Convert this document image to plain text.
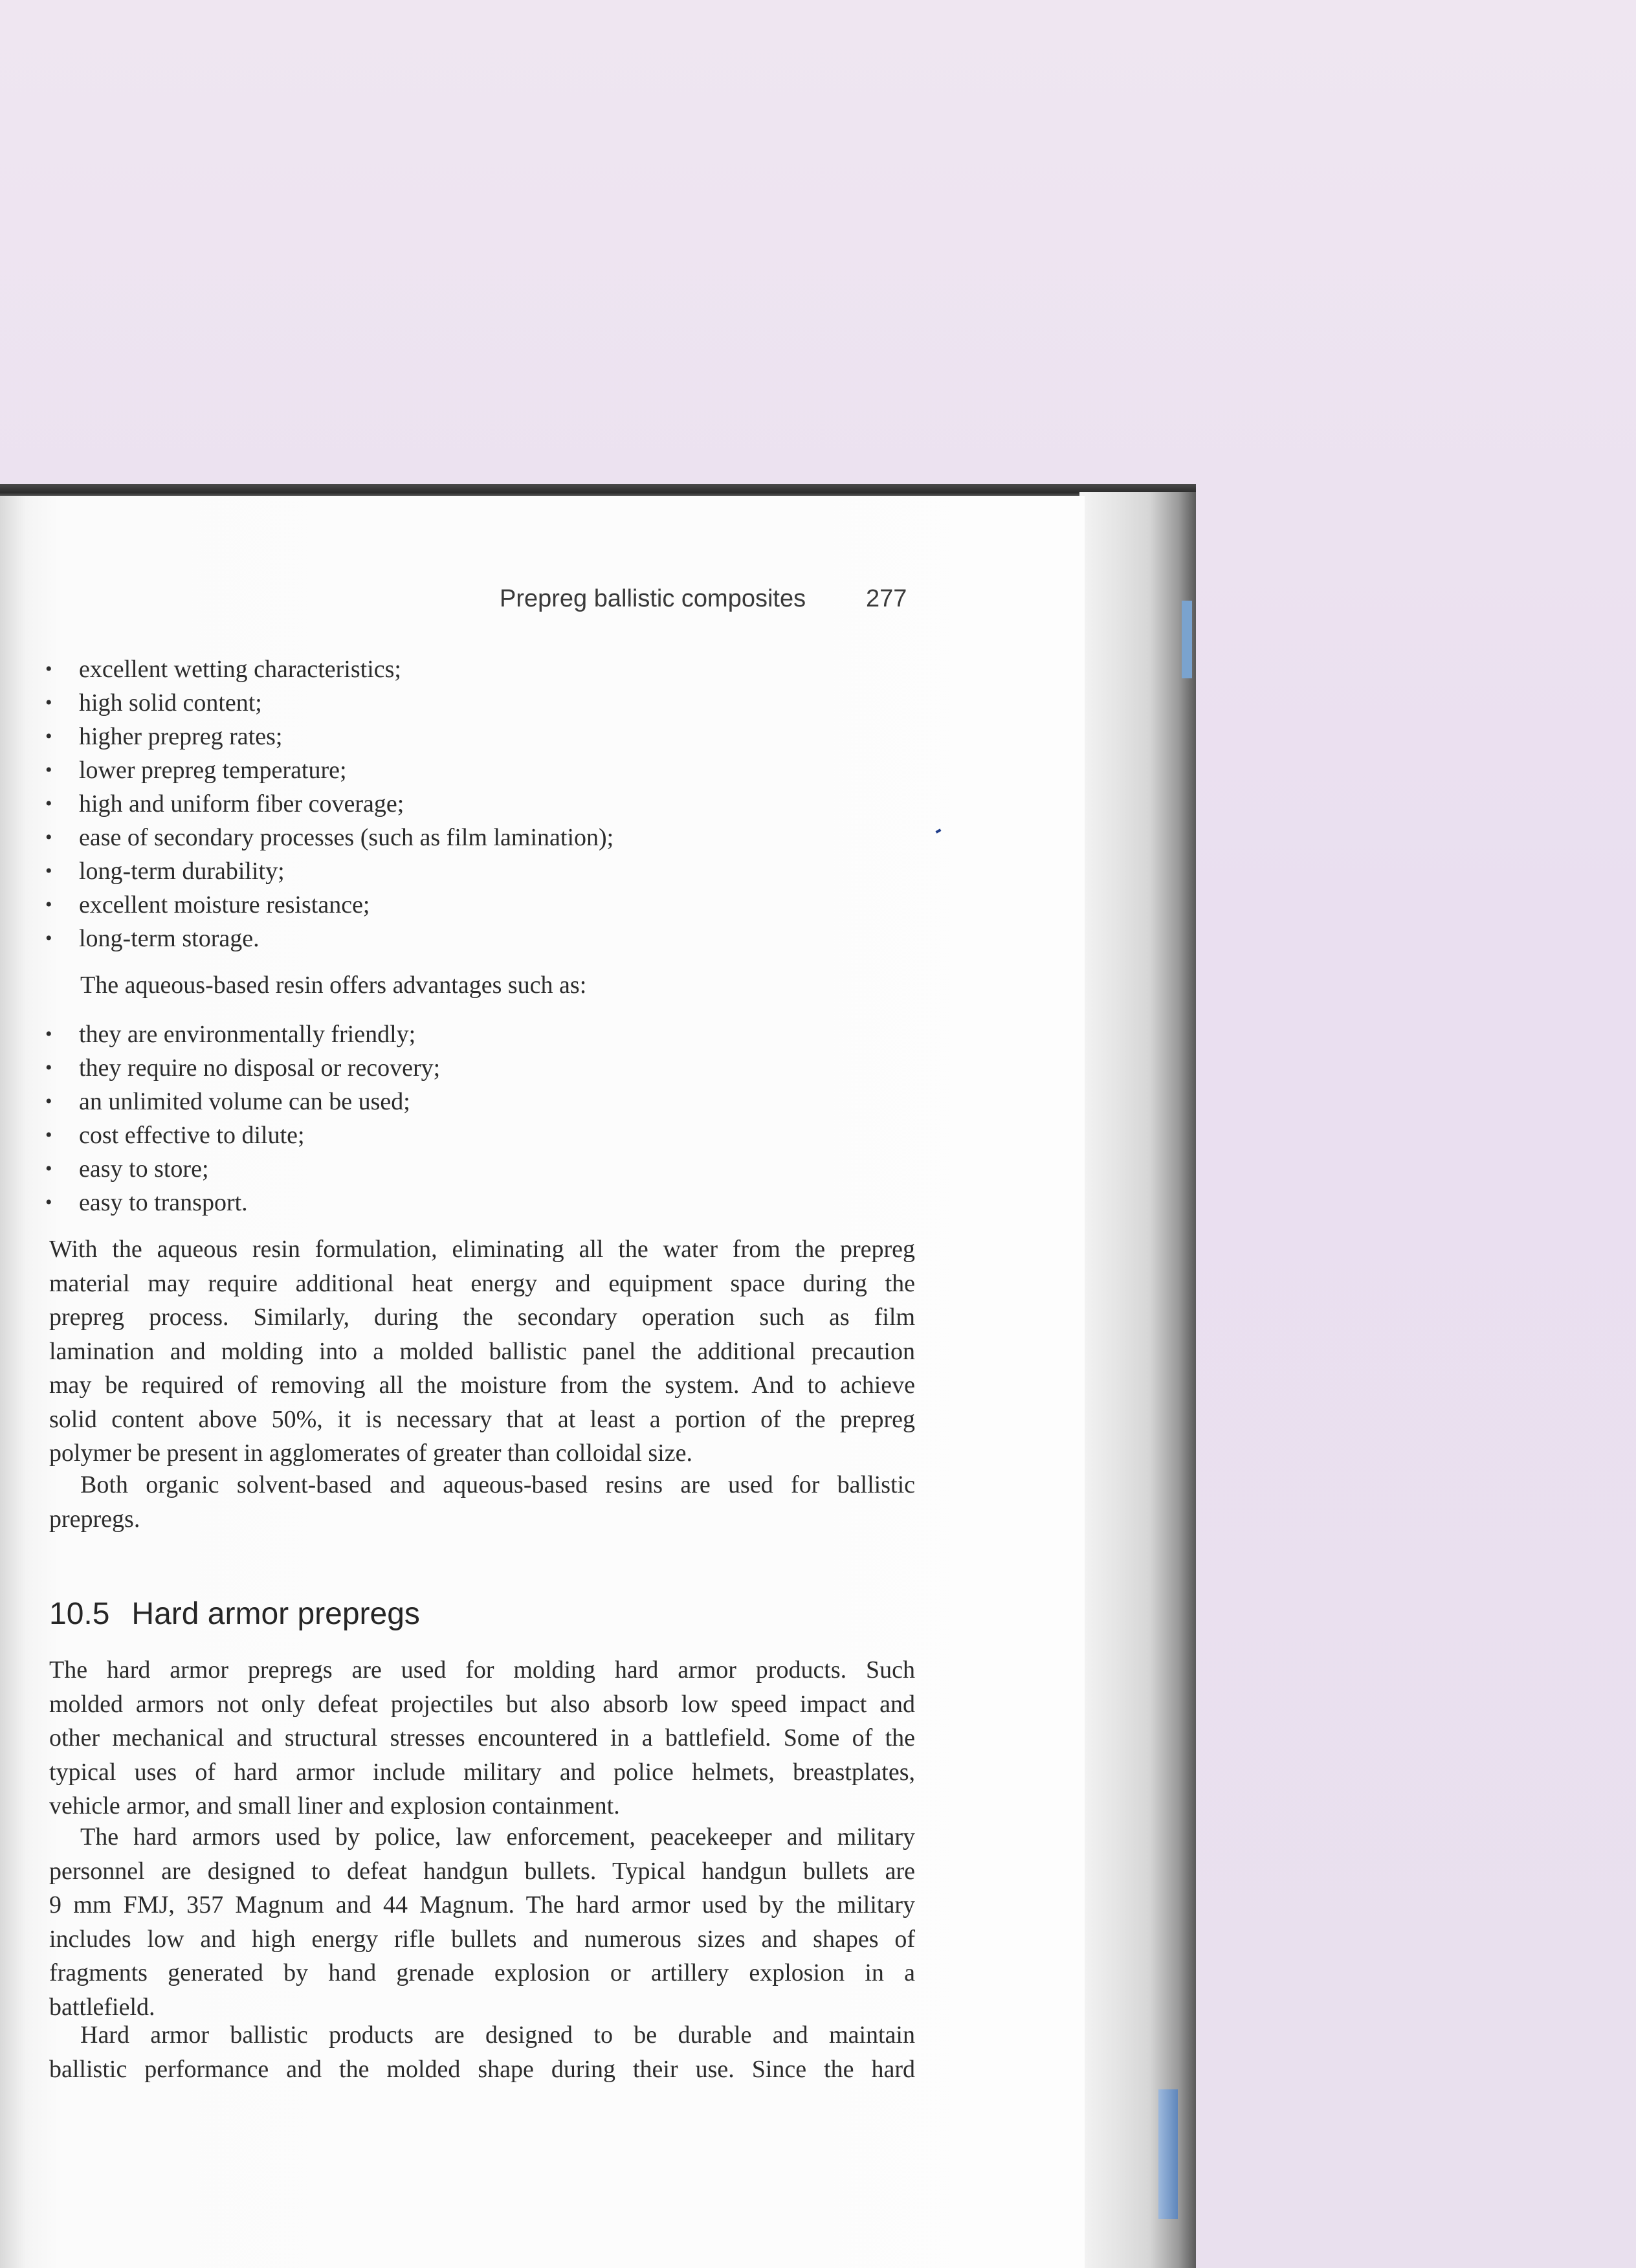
Prepreg ballistic composites 277
• excellent wetting characteristics;
• high solid content;
• higher prepreg rates;
• lower prepreg temperature;
• high and uniform fiber coverage;
• ease of secondary processes (such as film lamination);
• long-term durability;
• excellent moisture resistance;
• long-term storage.
The aqueous-based resin offers advantages such as:
• they are environmentally friendly;
• they require no disposal or recovery;
• an unlimited volume can be used;
• cost effective to dilute;
• easy to store;
• easy to transport.
With the aqueous resin formulation, eliminating all the water from the prepreg
material may require additional heat energy and equipment space during the
prepreg process. Similarly, during the secondary operation such as film
lamination and molding into a molded ballistic panel the additional precaution
may be required of removing all the moisture from the system. And to achieve
solid content above 50%, it is necessary that at least a portion of the prepreg
polymer be present in agglomerates of greater than colloidal size.
Both organic solvent-based and aqueous-based resins are used for ballistic
prepregs.
10.5 Hard armor prepregs
The hard armor prepregs are used for molding hard armor products. Such
molded armors not only defeat projectiles but also absorb low speed impact and
other mechanical and structural stresses encountered in a battlefield. Some of the
typical uses of hard armor include military and police helmets, breastplates,
vehicle armor, and small liner and explosion containment.
The hard armors used by police, law enforcement, peacekeeper and military
personnel are designed to defeat handgun bullets. Typical handgun bullets are
9 mm FMJ, 357 Magnum and 44 Magnum. The hard armor used by the military
includes low and high energy rifle bullets and numerous sizes and shapes of
fragments generated by hand grenade explosion or artillery explosion in a
battlefield.
Hard armor ballistic products are designed to be durable and maintain
ballistic performance and the molded shape during their use. Since the hard
